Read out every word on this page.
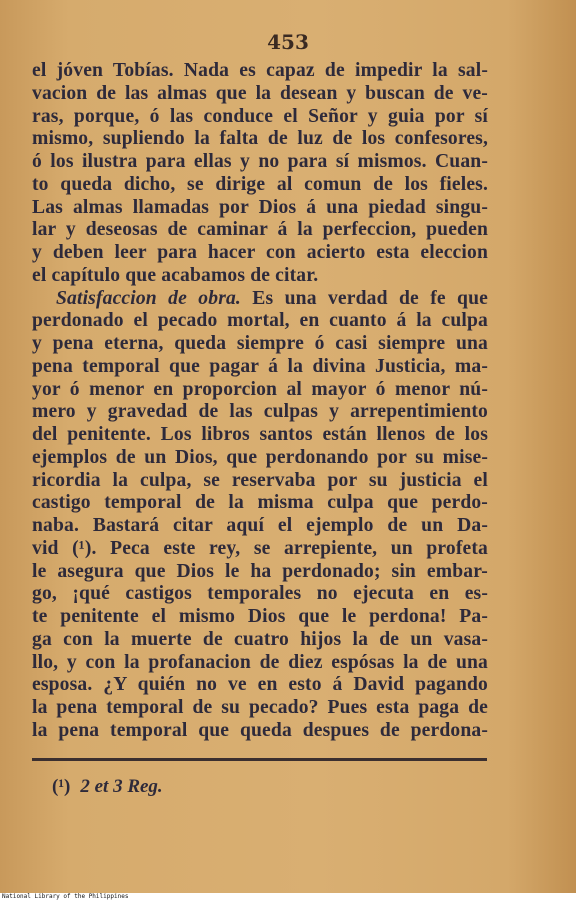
453
el jóven Tobías. Nada es capaz de impedir la sal-
vacion de las almas que la desean y buscan de ve-
ras, porque, ó las conduce el Señor y guia por sí
mismo, supliendo la falta de luz de los confesores,
ó los ilustra para ellas y no para sí mismos. Cuan-
to queda dicho, se dirige al comun de los fieles.
Las almas llamadas por Dios á una piedad singu-
lar y deseosas de caminar á la perfeccion, pueden
y deben leer para hacer con acierto esta eleccion
el capítulo que acabamos de citar.
Satisfaccion de obra. Es una verdad de fe que
perdonado el pecado mortal, en cuanto á la culpa
y pena eterna, queda siempre ó casi siempre una
pena temporal que pagar á la divina Justicia, ma-
yor ó menor en proporcion al mayor ó menor nú-
mero y gravedad de las culpas y arrepentimiento
del penitente. Los libros santos están llenos de los
ejemplos de un Dios, que perdonando por su mise-
ricordia la culpa, se reservaba por su justicia el
castigo temporal de la misma culpa que perdo-
naba. Bastará citar aquí el ejemplo de un Da-
vid (¹). Peca este rey, se arrepiente, un profeta
le asegura que Dios le ha perdonado; sin embar-
go, ¡qué castigos temporales no ejecuta en es-
te penitente el mismo Dios que le perdona! Pa-
ga con la muerte de cuatro hijos la de un vasa-
llo, y con la profanacion de diez espósas la de una
esposa. ¿Y quién no ve en esto á David pagando
la pena temporal de su pecado? Pues esta paga de
la pena temporal que queda despues de perdona-
(¹) 2 et 3 Reg.
National Library of the Philippines
